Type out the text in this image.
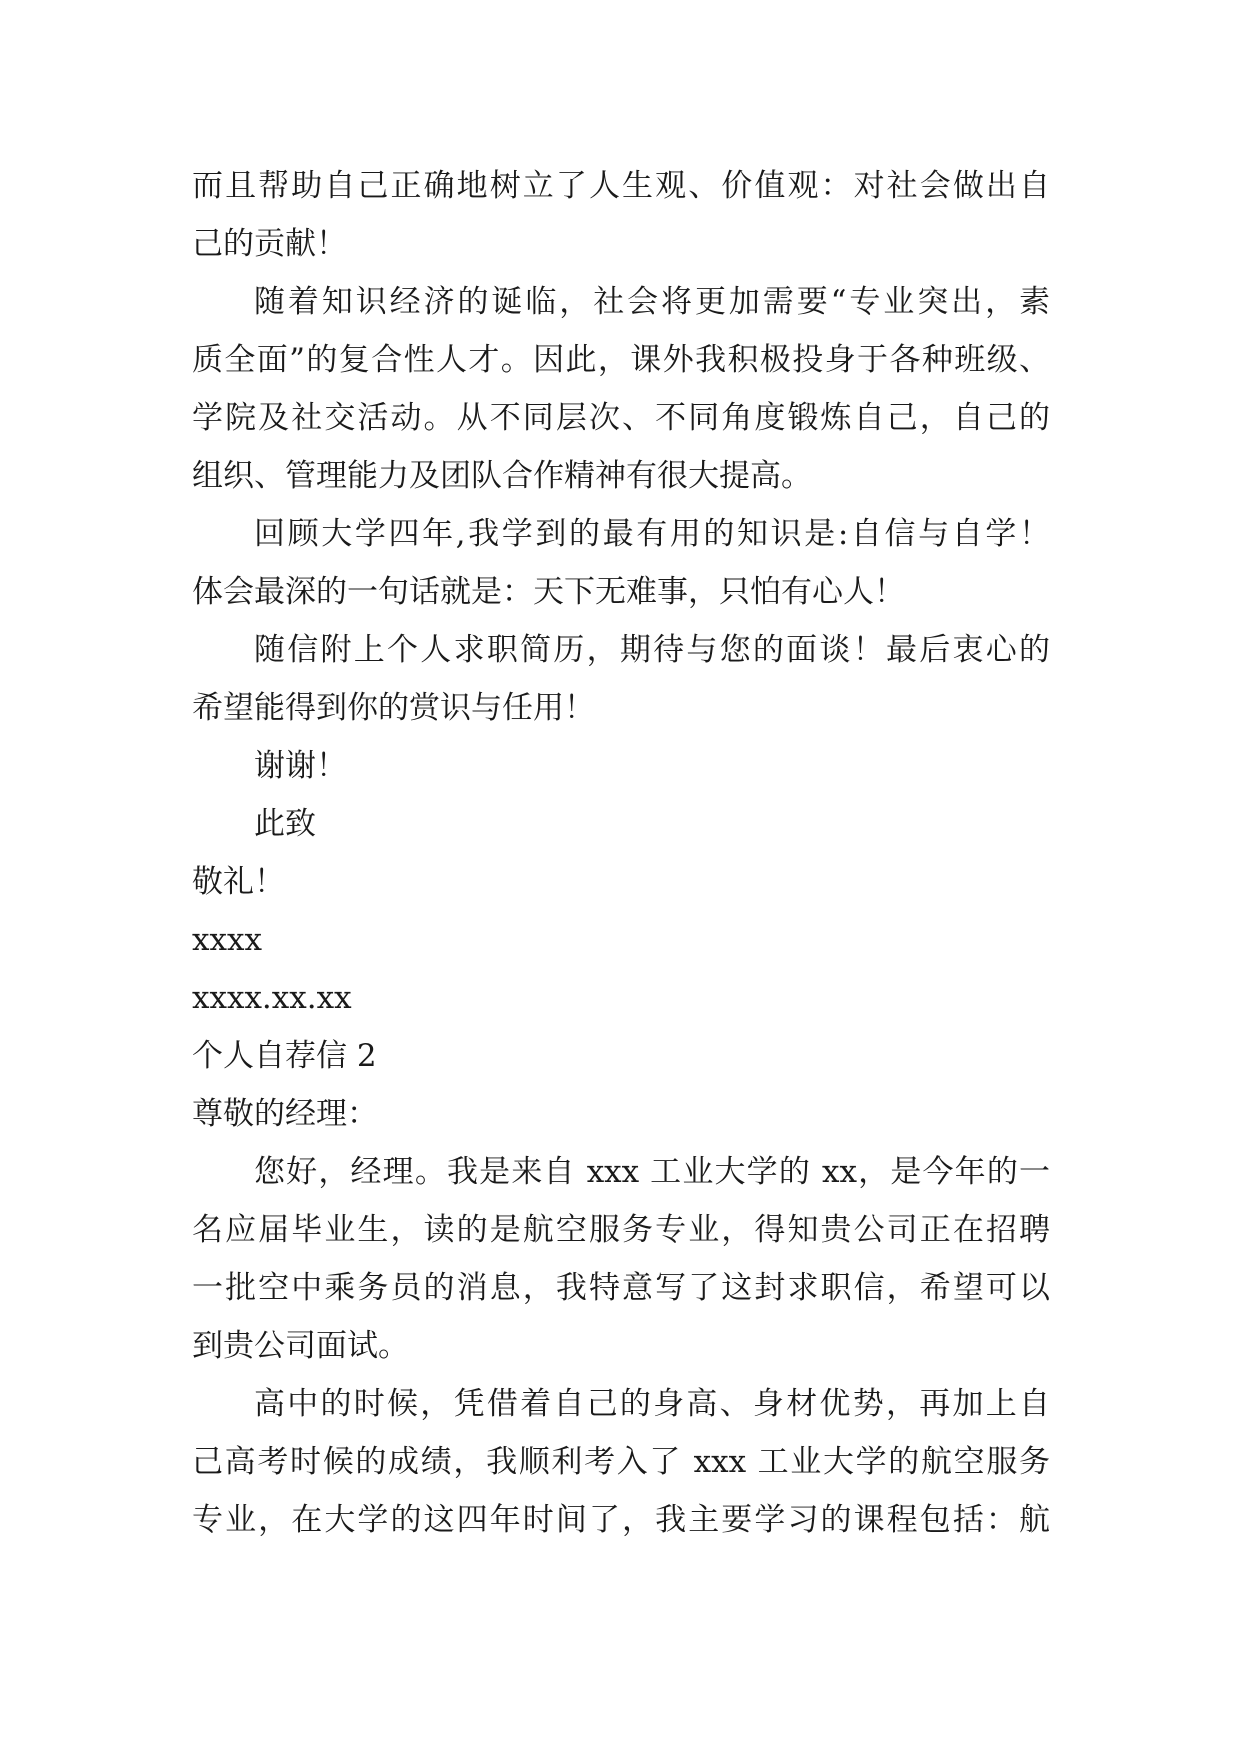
而且帮助自己正确地树立了人生观、价值观：对社会做出自
己的贡献！
随着知识经济的诞临，社会将更加需要“专业突出，素
质全面”的复合性人才。因此，课外我积极投身于各种班级、
学院及社交活动。从不同层次、不同角度锻炼自己，自己的
组织、管理能力及团队合作精神有很大提高。
回顾大学四年,我学到的最有用的知识是:自信与自学！
体会最深的一句话就是：天下无难事，只怕有心人！
随信附上个人求职简历，期待与您的面谈！最后衷心的
希望能得到你的赏识与任用！
谢谢！
此致
敬礼！
xxxx
xxxx.xx.xx
个人自荐信 2
尊敬的经理：
您好，经理。我是来自 xxx 工业大学的 xx，是今年的一
名应届毕业生，读的是航空服务专业，得知贵公司正在招聘
一批空中乘务员的消息，我特意写了这封求职信，希望可以
到贵公司面试。
高中的时候，凭借着自己的身高、身材优势，再加上自
己高考时候的成绩，我顺利考入了 xxx 工业大学的航空服务
专业，在大学的这四年时间了，我主要学习的课程包括：航
